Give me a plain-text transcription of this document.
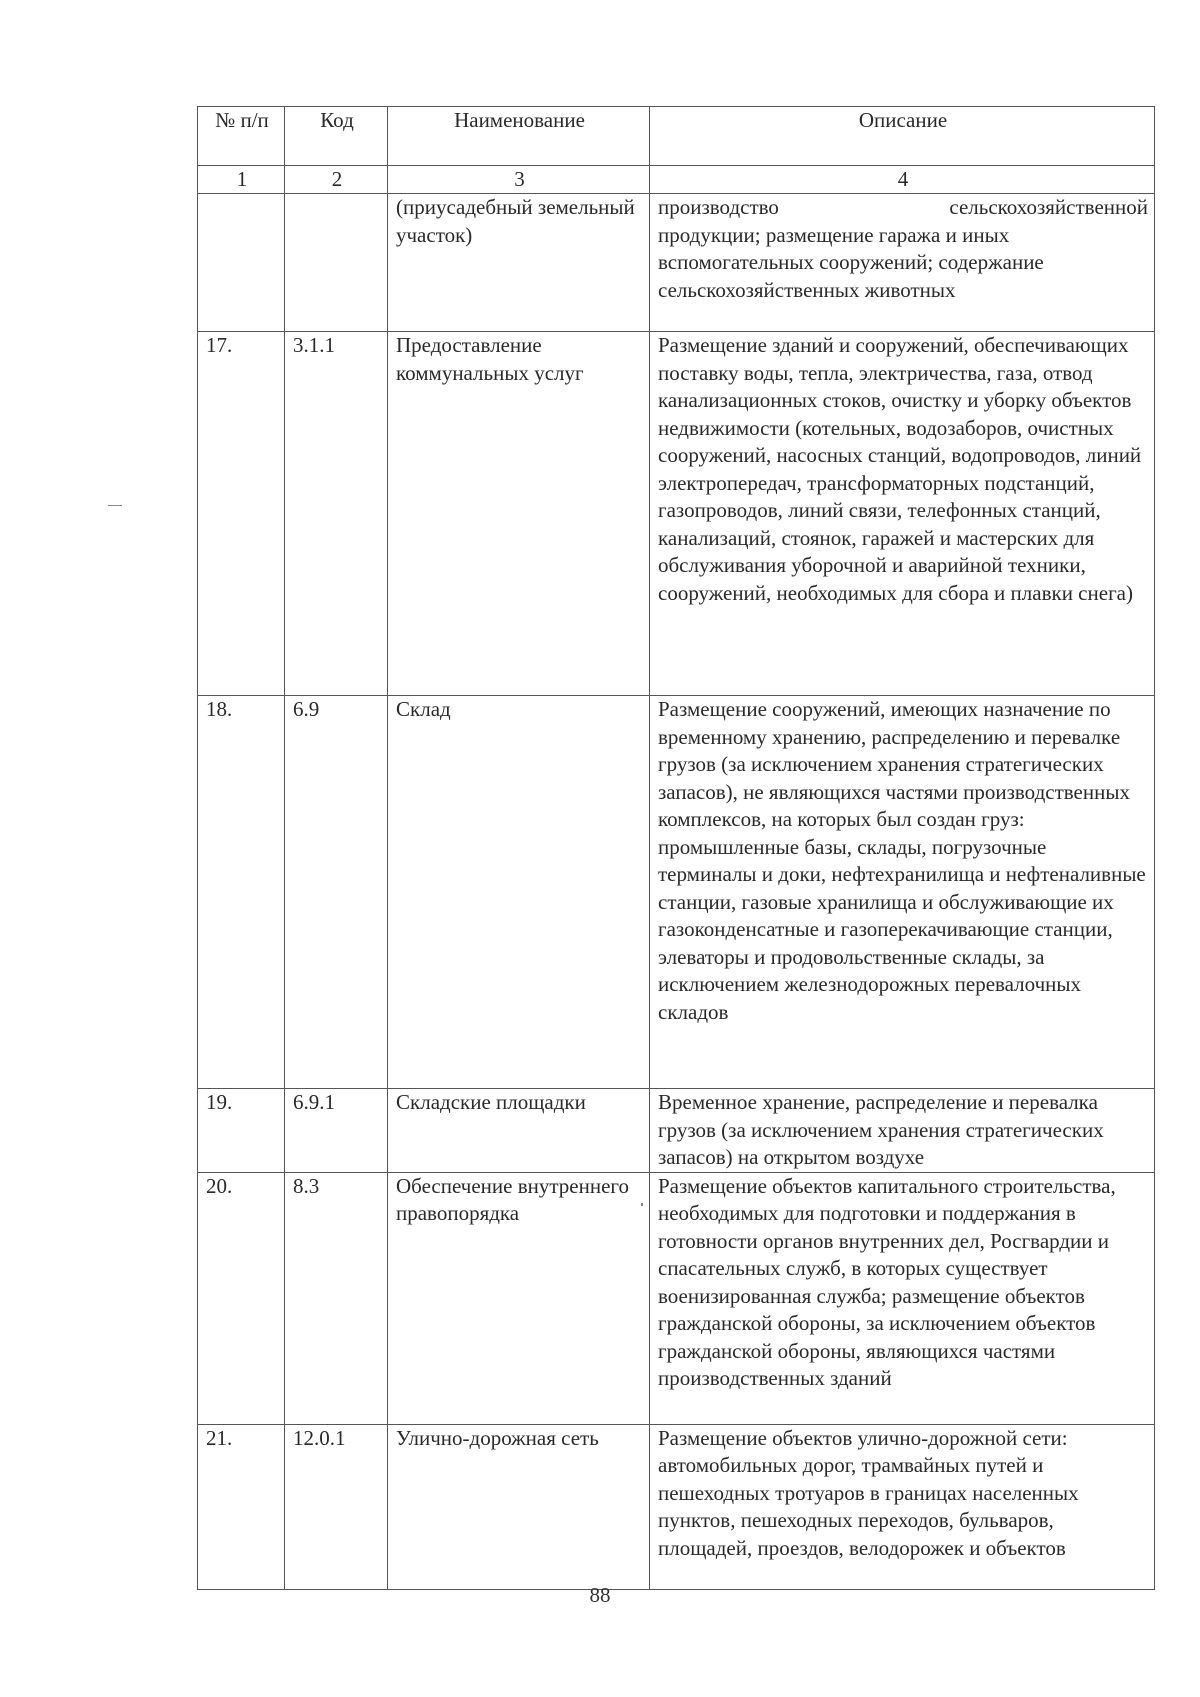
№ п/п	Код	Наименование	Описание
1	2	3	4
		(приусадебный земельный участок)	производство сельскохозяйственной
продукции; размещение гаража и иных вспомогательных сооружений; содержание сельскохозяйственных животных
17.	3.1.1	Предоставление коммунальных услуг	Размещение зданий и сооружений, обеспечивающих поставку воды, тепла, электричества, газа, отвод канализационных стоков, очистку и уборку объектов недвижимости (котельных, водозаборов, очистных сооружений, насосных станций, водопроводов, линий электропередач, трансформаторных подстанций, газопроводов, линий связи, телефонных станций, канализаций, стоянок, гаражей и мастерских для обслуживания уборочной и аварийной техники, сооружений, необходимых для сбора и плавки снега)
18.	6.9	Склад	Размещение сооружений, имеющих назначение по временному хранению, распределению и перевалке грузов (за исключением хранения стратегических запасов), не являющихся частями производственных комплексов, на которых был создан груз: промышленные базы, склады, погрузочные терминалы и доки, нефтехранилища и нефтеналивные станции, газовые хранилища и обслуживающие их газоконденсатные и газоперекачивающие станции, элеваторы и продовольственные склады, за исключением железнодорожных перевалочных складов
19.	6.9.1	Складские площадки	Временное хранение, распределение и перевалка грузов (за исключением хранения стратегических запасов) на открытом воздухе
20.	8.3	Обеспечение внутреннего правопорядка	Размещение объектов капитального строительства, необходимых для подготовки и поддержания в готовности органов внутренних дел, Росгвардии и спасательных служб, в которых существует военизированная служба; размещение объектов гражданской обороны, за исключением объектов гражданской обороны, являющихся частями производственных зданий
21.	12.0.1	Улично-дорожная сеть	Размещение объектов улично-дорожной сети: автомобильных дорог, трамвайных путей и пешеходных тротуаров в границах населенных пунктов, пешеходных переходов, бульваров, площадей, проездов, велодорожек и объектов
88
